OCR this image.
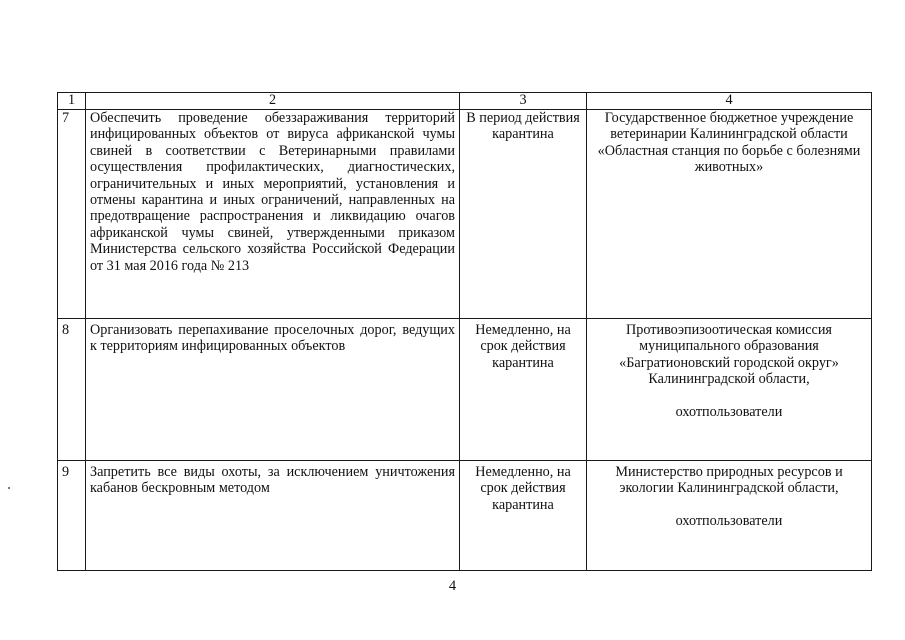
1	2	3	4
7	Обеспечить проведение обеззараживания территорий инфицированных объектов от вируса африканской чумы свиней в соответствии с Ветеринарными правилами осуществления профилактических, диагностических, ограничительных и иных мероприятий, установления и отмены карантина и иных ограничений, направленных на предотвращение распространения и ликвидацию очагов африканской чумы свиней, утвержденными приказом Министерства сельского хозяйства Российской Федерации от 31 мая 2016 года № 213	В период действия карантина	Государственное бюджетное учреждение ветеринарии Калининградской области «Областная станция по борьбе с болезнями животных»

8	Организовать перепахивание проселочных дорог, ведущих к территориям инфицированных объектов	Немедленно, на срок действия карантина	Противоэпизоотическая комиссия муниципального образования «Багратионовский городской округ» Калининградской области,
охотпользователи

9	Запретить все виды охоты, за исключением уничтожения кабанов бескровным методом	Немедленно, на срок действия карантина	Министерство природных ресурсов и экологии Калининградской области,
охотпользователи
4
